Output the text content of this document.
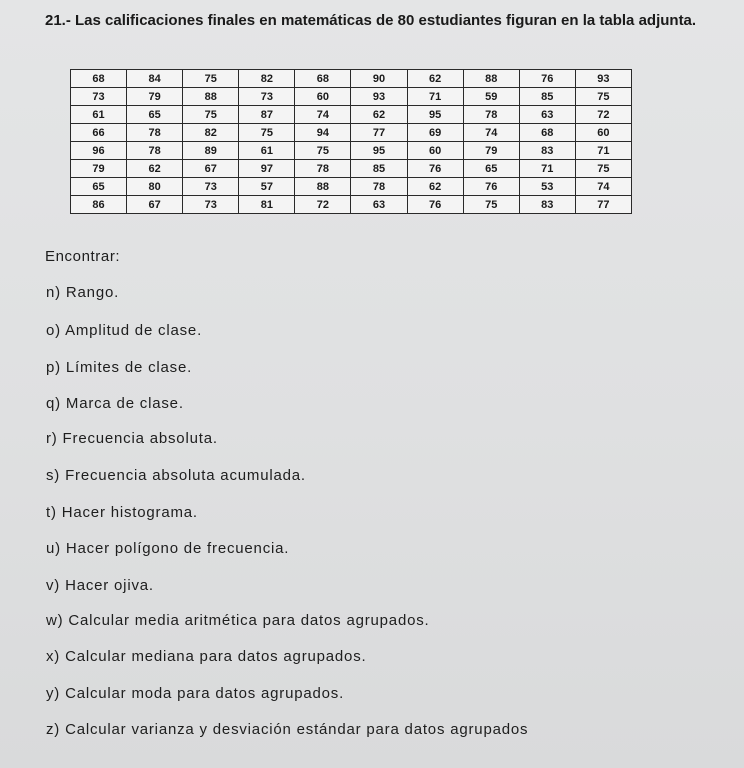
21.- Las calificaciones finales en matemáticas de 80 estudiantes figuran en la tabla adjunta.
68	84	75	82	68	90	62	88	76	93
73	79	88	73	60	93	71	59	85	75
61	65	75	87	74	62	95	78	63	72
66	78	82	75	94	77	69	74	68	60
96	78	89	61	75	95	60	79	83	71
79	62	67	97	78	85	76	65	71	75
65	80	73	57	88	78	62	76	53	74
86	67	73	81	72	63	76	75	83	77
Encontrar:
n) Rango.
o) Amplitud de clase.
p) Límites de clase.
q) Marca de clase.
r) Frecuencia absoluta.
s) Frecuencia absoluta acumulada.
t) Hacer histograma.
u) Hacer polígono de frecuencia.
v) Hacer ojiva.
w) Calcular media aritmética para datos agrupados.
x) Calcular mediana para datos agrupados.
y) Calcular moda para datos agrupados.
z) Calcular varianza y desviación estándar para datos agrupados
